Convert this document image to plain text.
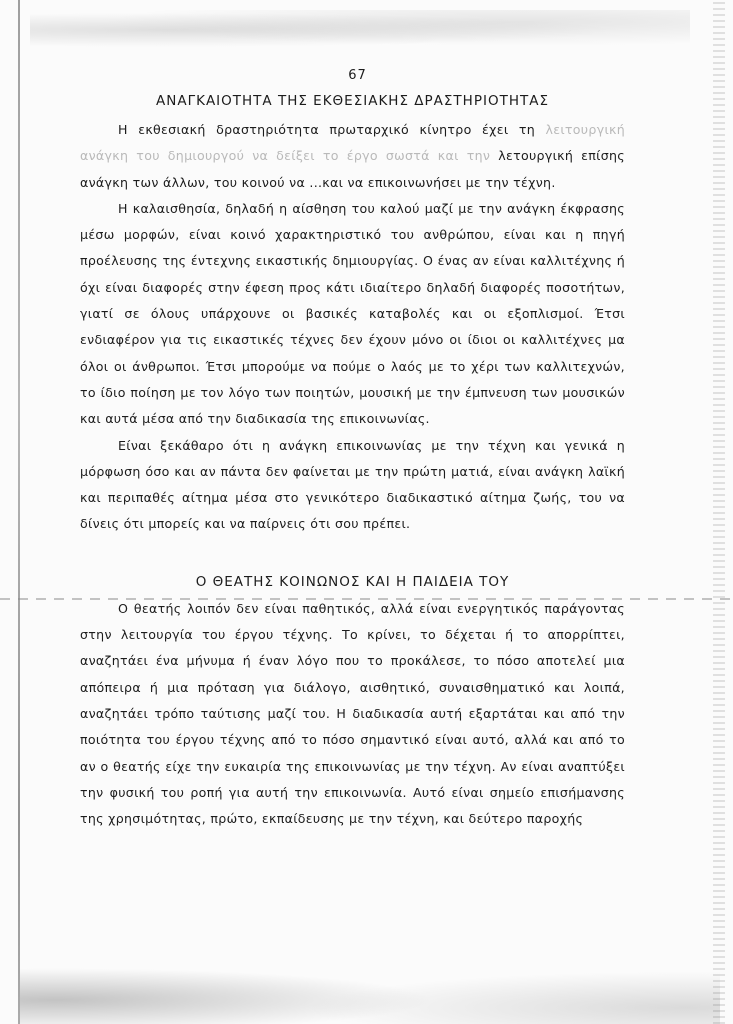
67
ΑΝΑΓΚΑΙΟΤΗΤΑ ΤΗΣ ΕΚΘΕΣΙΑΚΗΣ ΔΡΑΣΤΗΡΙΟΤΗΤΑΣ

Η εκθεσιακή δραστηριότητα πρωταρχικό κίνητρο έχει τη λειτουργική ανάγκη του δημιουργού να δείξει το έργο σωστά και την λετουργική επίσης ανάγκη των άλλων, του κοινού να ...και να επικοινωνήσει με την τέχνη.

Η καλαισθησία, δηλαδή η αίσθηση του καλού μαζί με την ανάγκη έκφρασης μέσω μορφών, είναι κοινό χαρακτηριστικό του ανθρώπου, είναι και η πηγή προέλευσης της έντεχνης εικαστικής δημιουργίας. Ο ένας αν είναι καλλιτέχνης ή όχι είναι διαφορές στην έφεση προς κάτι ιδιαίτερο δηλαδή διαφορές ποσοτήτων, γιατί σε όλους υπάρχουνε οι βασικές καταβολές και οι εξοπλισμοί. Έτσι ενδιαφέρον για τις εικαστικές τέχνες δεν έχουν μόνο οι ίδιοι οι καλλιτέχνες μα όλοι οι άνθρωποι. Έτσι μπορούμε να πούμε ο λαός με το χέρι των καλλιτεχνών, το ίδιο ποίηση με τον λόγο των ποιητών, μουσική με την έμπνευση των μουσικών και αυτά μέσα από την διαδικασία της επικοινωνίας.

Είναι ξεκάθαρο ότι η ανάγκη επικοινωνίας με την τέχνη και γενικά η μόρφωση όσο και αν πάντα δεν φαίνεται με την πρώτη ματιά, είναι ανάγκη λαϊκή και περιπαθές αίτημα μέσα στο γενικότερο διαδικαστικό αίτημα ζωής, του να δίνεις ότι μπορείς και να παίρνεις ότι σου πρέπει.

Ο ΘΕΑΤΗΣ ΚΟΙΝΩΝΟΣ ΚΑΙ Η ΠΑΙΔΕΙΑ ΤΟΥ

Ο θεατής λοιπόν δεν είναι παθητικός, αλλά είναι ενεργητικός παράγοντας στην λειτουργία του έργου τέχνης. Το κρίνει, το δέχεται ή το απορρίπτει, αναζητάει ένα μήνυμα ή έναν λόγο που το προκάλεσε, το πόσο αποτελεί μια απόπειρα ή μια πρόταση για διάλογο, αισθητικό, συναισθηματικό και λοιπά, αναζητάει τρόπο ταύτισης μαζί του. Η διαδικασία αυτή εξαρτάται και από την ποιότητα του έργου τέχνης από το πόσο σημαντικό είναι αυτό, αλλά και από το αν ο θεατής είχε την ευκαιρία της επικοινωνίας με την τέχνη. Αν είναι αναπτύξει την φυσική του ροπή για αυτή την επικοινωνία. Αυτό είναι σημείο επισήμανσης της χρησιμότητας, πρώτο, εκπαίδευσης με την τέχνη, και δεύτερο παροχής
